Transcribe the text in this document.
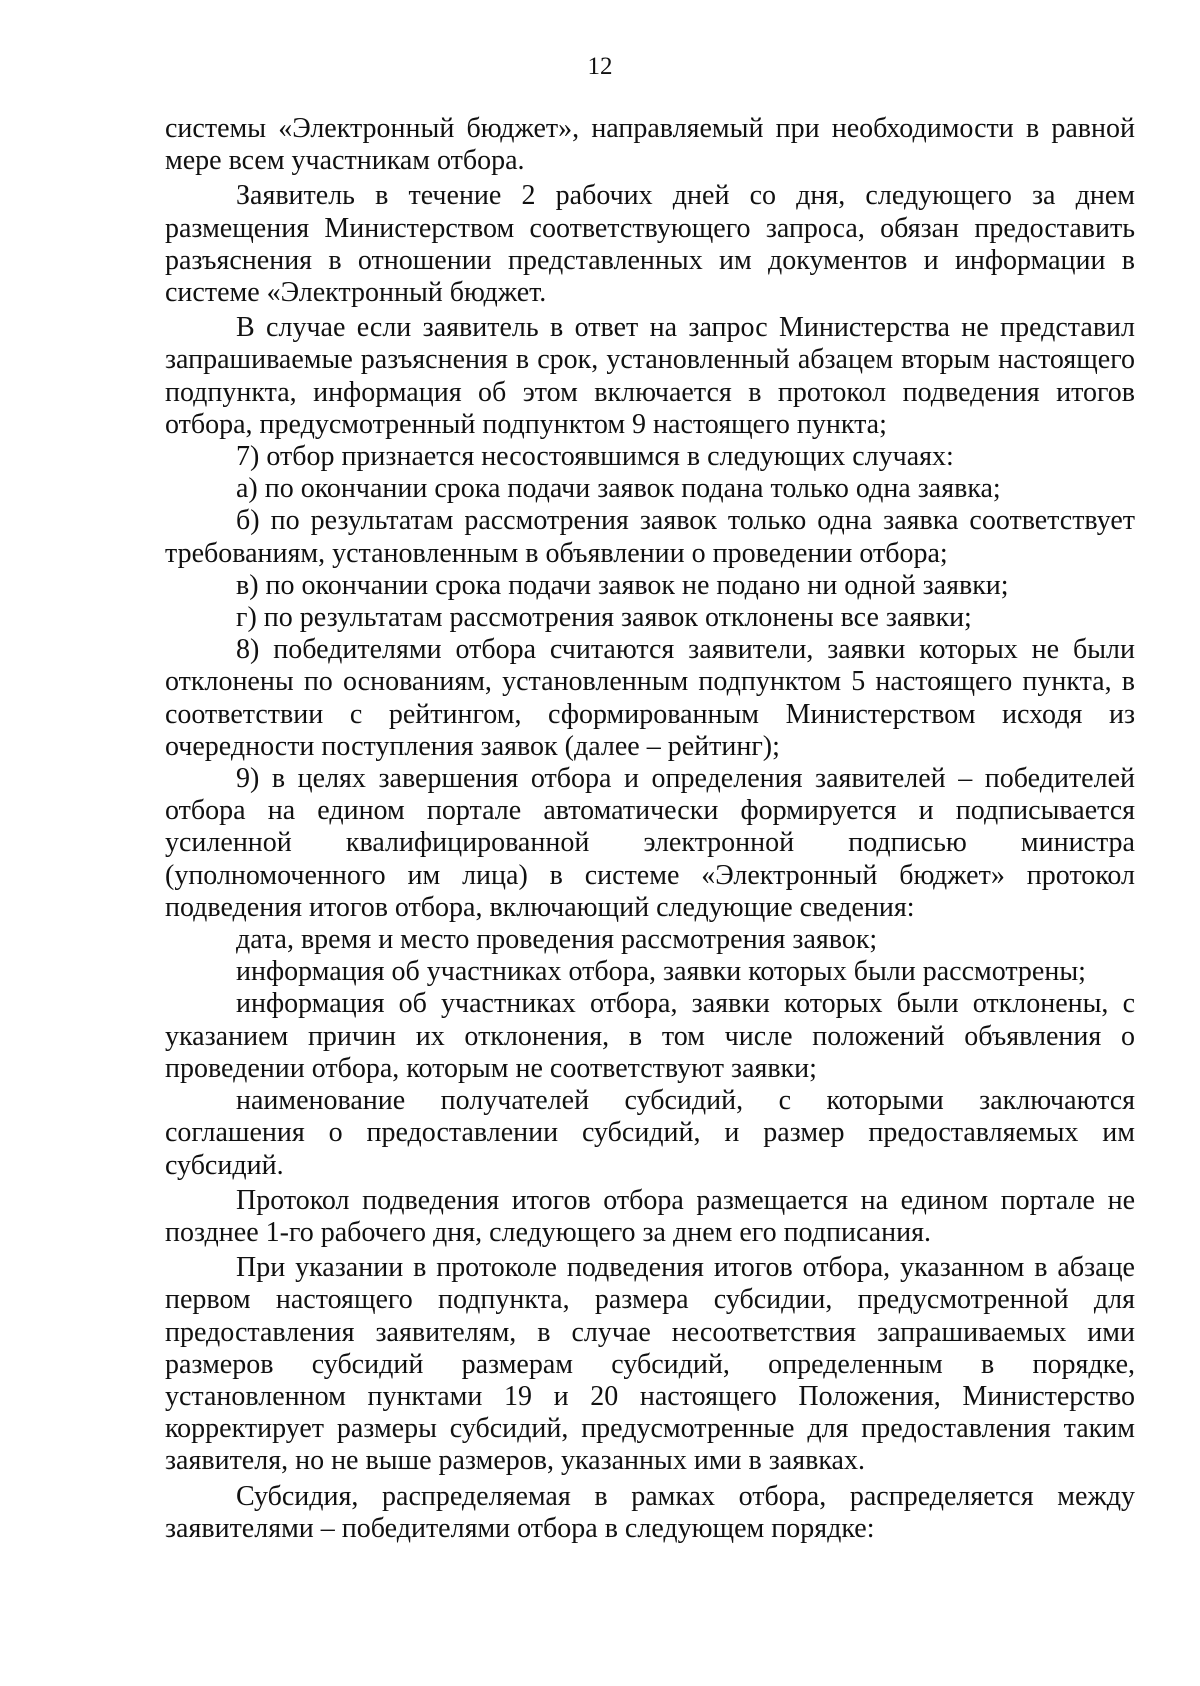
12

системы «Электронный бюджет», направляемый при необходимости в равной мере всем участникам отбора.

Заявитель в течение 2 рабочих дней со дня, следующего за днем размещения Министерством соответствующего запроса, обязан предоставить разъяснения в отношении представленных им документов и информации в системе «Электронный бюджет.

В случае если заявитель в ответ на запрос Министерства не представил запрашиваемые разъяснения в срок, установленный абзацем вторым настоящего подпункта, информация об этом включается в протокол подведения итогов отбора, предусмотренный подпунктом 9 настоящего пункта;

7) отбор признается несостоявшимся в следующих случаях:

а) по окончании срока подачи заявок подана только одна заявка;

б) по результатам рассмотрения заявок только одна заявка соответствует требованиям, установленным в объявлении о проведении отбора;

в) по окончании срока подачи заявок не подано ни одной заявки;

г) по результатам рассмотрения заявок отклонены все заявки;

8) победителями отбора считаются заявители, заявки которых не были отклонены по основаниям, установленным подпунктом 5 настоящего пункта, в соответствии с рейтингом, сформированным Министерством исходя из очередности поступления заявок (далее – рейтинг);

9) в целях завершения отбора и определения заявителей – победителей отбора на едином портале автоматически формируется и подписывается усиленной квалифицированной электронной подписью министра (уполномоченного им лица) в системе «Электронный бюджет» протокол подведения итогов отбора, включающий следующие сведения:

дата, время и место проведения рассмотрения заявок;

информация об участниках отбора, заявки которых были рассмотрены;

информация об участниках отбора, заявки которых были отклонены, с указанием причин их отклонения, в том числе положений объявления о проведении отбора, которым не соответствуют заявки;

наименование получателей субсидий, с которыми заключаются соглашения о предоставлении субсидий, и размер предоставляемых им субсидий.

Протокол подведения итогов отбора размещается на едином портале не позднее 1-го рабочего дня, следующего за днем его подписания.

При указании в протоколе подведения итогов отбора, указанном в абзаце первом настоящего подпункта, размера субсидии, предусмотренной для предоставления заявителям, в случае несоответствия запрашиваемых ими размеров субсидий размерам субсидий, определенным в порядке, установленном пунктами 19 и 20 настоящего Положения, Министерство корректирует размеры субсидий, предусмотренные для предоставления таким заявителя, но не выше размеров, указанных ими в заявках.

Субсидия, распределяемая в рамках отбора, распределяется между заявителями – победителями отбора в следующем порядке:
